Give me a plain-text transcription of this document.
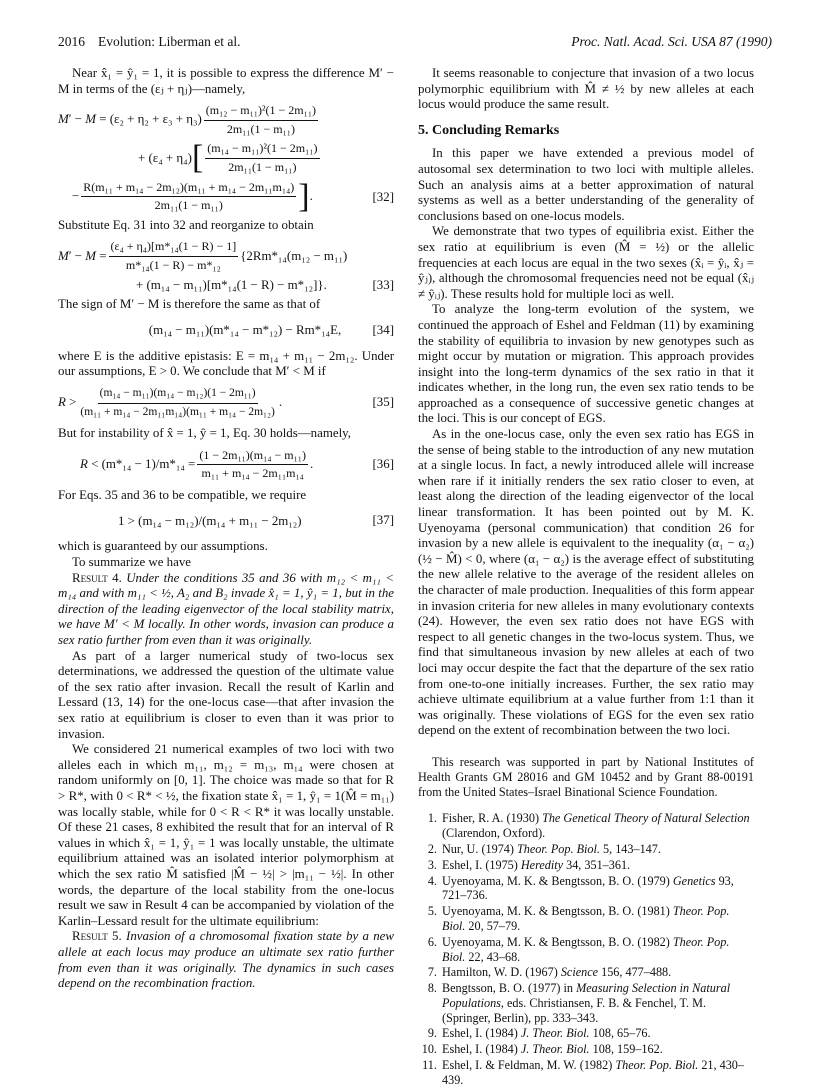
2016 Evolution: Liberman et al.	Proc. Natl. Acad. Sci. USA 87 (1990)

Near x̂₁ = ŷ₁ = 1, it is possible to express the difference M′ − M in terms of the (εⱼ + ηⱼ)—namely,

$M' - M = (\varepsilon_2 + \eta_2 + \varepsilon_3 + \eta_3) \frac{\text{(m₁₂ − m₁₁)²(1 − 2m₁₁)}}{\text{2m₁₁(1 − m₁₁)}}$
+ (ε₄ + η₄) [ $\frac{\text{(m₁₄ − m₁₁)²(1 − 2m₁₁)}}{\text{2m₁₁(1 − m₁₁)}}$
− $\frac{\text{R(m₁₁ + m₁₄ − 2m₁₂)(m₁₁ + m₁₄ − 2m₁₁m₁₄)}}{\text{2m₁₁(1 − m₁₁)}}$ ] .	[32]

Substitute Eq. 31 into 32 and reorganize to obtain

$M' - M = \frac{\text{(ε₄ + η₄)[m*₁₄(1 − R) − 1]}}{\text{m*₁₄(1 − R) − m*₁₂}} \{2Rm*_{14}(m_{12} - m_{11})$
+ (m₁₄ − m₁₁)[m*₁₄(1 − R) − m*₁₂]}.	[33]

The sign of M′ − M is therefore the same as that of

(m₁₄ − m₁₁)(m*₁₄ − m*₁₂) − Rm*₁₄E, [34]

where E is the additive epistasis: E = m₁₄ + m₁₁ − 2m₁₂. Under our assumptions, E > 0. We conclude that M′ < M if

$R > \frac{\text{(m₁₄ − m₁₁)(m₁₄ − m₁₂)(1 − 2m₁₁)}}{\text{(m₁₁ + m₁₄ − 2m₁₁m₁₄)(m₁₁ + m₁₄ − 2m₁₂)}}$ .	[35]

But for instability of x̂ = 1, ŷ = 1, Eq. 30 holds—namely,

$R < (m*_{14} - 1)/m*_{14} = \frac{\text{(1 − 2m₁₁)(m₁₄ − m₁₁)}}{\text{m₁₁ + m₁₄ − 2m₁₁m₁₄}}$ .	[36]

For Eqs. 35 and 36 to be compatible, we require

1 > (m₁₄ − m₁₂)/(m₁₄ + m₁₁ − 2m₁₂)	[37]

which is guaranteed by our assumptions.

To summarize we have

Result 4. Under the conditions 35 and 36 with m₁₂ < m₁₁ < m₁₄ and with m₁₁ < ½, A₂ and B₂ invade x̂₁ = 1, ŷ₁ = 1, but in the direction of the leading eigenvector of the local stability matrix, we have M′ < M locally. In other words, invasion can produce a sex ratio further from even than it was originally.

As part of a larger numerical study of two-locus sex determinations, we addressed the question of the ultimate value of the sex ratio after invasion. Recall the result of Karlin and Lessard (13, 14) for the one-locus case—that after invasion the sex ratio at equilibrium is closer to even than it was prior to invasion.

We considered 21 numerical examples of two loci with two alleles each in which m₁₁, m₁₂ = m₁₃, m₁₄ were chosen at random uniformly on [0, 1]. The choice was made so that for R > R*, with 0 < R* < ½, the fixation state x̂₁ = 1, ŷ₁ = 1(M̂ = m₁₁) was locally stable, while for 0 < R < R* it was locally unstable. Of these 21 cases, 8 exhibited the result that for an interval of R values in which x̂₁ = 1, ŷ₁ = 1 was locally unstable, the ultimate equilibrium attained was an isolated interior polymorphism at which the sex ratio M̂ satisfied |M̂ − ½| > |m₁₁ − ½|. In other words, the departure of the local stability from the one-locus result we saw in Result 4 can be accompanied by violation of the Karlin–Lessard result for the ultimate equilibrium:

Result 5. Invasion of a chromosomal fixation state by a new allele at each locus may produce an ultimate sex ratio further from even than it was originally. The dynamics in such cases depend on the recombination fraction.

It seems reasonable to conjecture that invasion of a two locus polymorphic equilibrium with M̂ ≠ ½ by new alleles at each locus would produce the same result.

5. Concluding Remarks

In this paper we have extended a previous model of autosomal sex determination to two loci with multiple alleles. Such an analysis aims at a better approximation of natural systems as well as a better understanding of the generality of conclusions based on one-locus models.

We demonstrate that two types of equilibria exist. Either the sex ratio at equilibrium is even (M̂ = ½) or the allelic frequencies at each locus are equal in the two sexes (x̂ᵢ = ŷᵢ, x̂ⱼ = ŷⱼ), although the chromosomal frequencies need not be equal (x̂ᵢⱼ ≠ ŷᵢⱼ). These results hold for multiple loci as well.

To analyze the long-term evolution of the system, we continued the approach of Eshel and Feldman (11) by examining the stability of equilibria to invasion by new genotypes such as might occur by mutation or migration. This approach provides insight into the long-term dynamics of the sex ratio in that it indicates whether, in the long run, the even sex ratio tends to be approached as a consequence of successive genetic changes at the loci. This is our concept of EGS.

As in the one-locus case, only the even sex ratio has EGS in the sense of being stable to the introduction of any new mutation at a single locus. In fact, a newly introduced allele will increase when rare if it initially renders the sex ratio closer to even, at least along the direction of the leading eigenvector of the local linear transformation. It has been pointed out by M. K. Uyenoyama (personal communication) that condition 26 for invasion by a new allele is equivalent to the inequality (α₁ − α₂)(½ − M̂) < 0, where (α₁ − α₂) is the average effect of substituting the new allele relative to the average of the resident alleles on the character of male production. Inequalities of this form appear in invasion criteria for new alleles in many evolutionary contexts (24). However, the even sex ratio does not have EGS with respect to all genetic changes in the two-locus system. Thus, we find that simultaneous invasion by new alleles at each of two loci may occur despite the fact that the departure of the sex ratio from one-to-one initially increases. Further, the sex ratio may achieve ultimate equilibrium at a value further from 1:1 than it was originally. These violations of EGS for the even sex ratio depend on the extent of recombination between the two loci.

This research was supported in part by National Institutes of Health Grants GM 28016 and GM 10452 and by Grant 88-00191 from the United States–Israel Binational Science Foundation.

1. Fisher, R. A. (1930) The Genetical Theory of Natural Selection (Clarendon, Oxford).
2. Nur, U. (1974) Theor. Pop. Biol. 5, 143–147.
3. Eshel, I. (1975) Heredity 34, 351–361.
4. Uyenoyama, M. K. & Bengtsson, B. O. (1979) Genetics 93, 721–736.
5. Uyenoyama, M. K. & Bengtsson, B. O. (1981) Theor. Pop. Biol. 20, 57–79.
6. Uyenoyama, M. K. & Bengtsson, B. O. (1982) Theor. Pop. Biol. 22, 43–68.
7. Hamilton, W. D. (1967) Science 156, 477–488.
8. Bengtsson, B. O. (1977) in Measuring Selection in Natural Populations, eds. Christiansen, F. B. & Fenchel, T. M. (Springer, Berlin), pp. 333–343.
9. Eshel, I. (1984) J. Theor. Biol. 108, 65–76.
10. Eshel, I. (1984) J. Theor. Biol. 108, 159–162.
11. Eshel, I. & Feldman, M. W. (1982) Theor. Pop. Biol. 21, 430–439.
